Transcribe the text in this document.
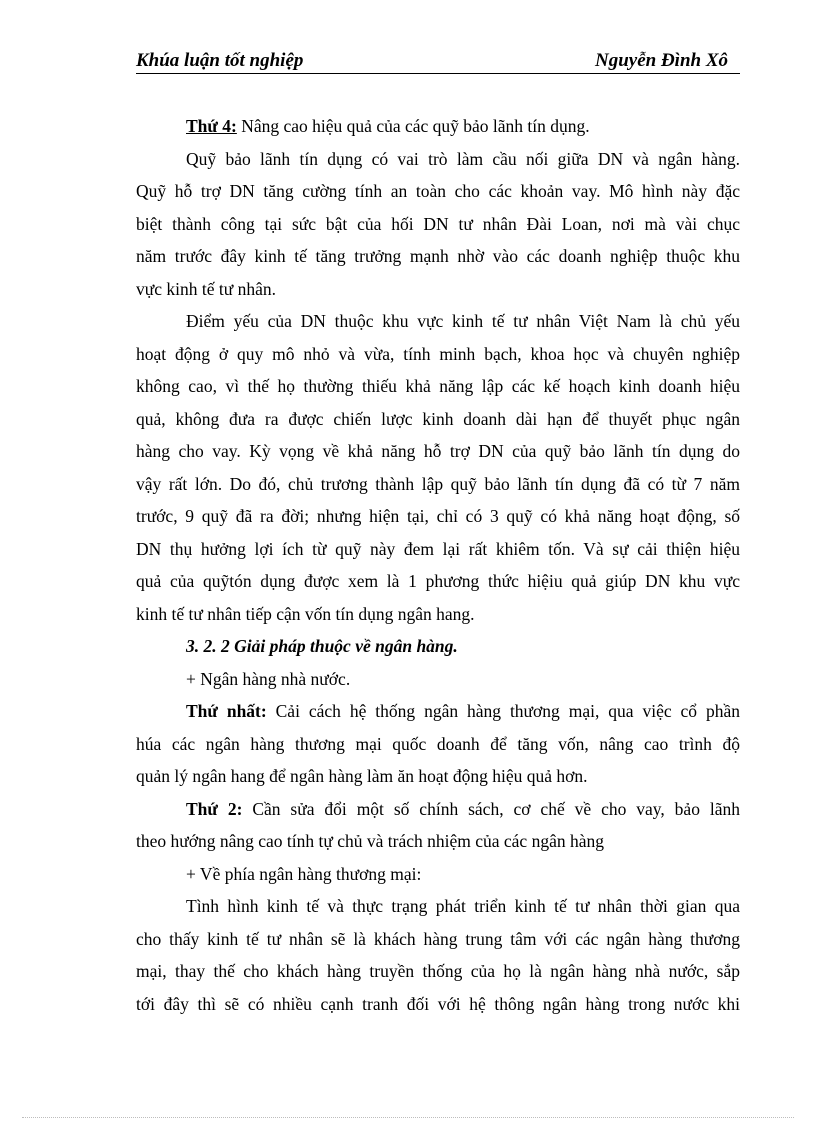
Khúa luận tốt nghiệp	Nguyễn Đình Xô
Thứ 4: Nâng cao hiệu quả của các quỹ bảo lãnh tín dụng.
Quỹ bảo lãnh tín dụng có vai trò làm cầu nối giữa DN và ngân hàng.
Quỹ hỗ trợ DN tăng cường tính an toàn cho các khoản vay. Mô hình này đặc
biệt thành công tại sức bật của hối DN tư nhân Đài Loan, nơi mà vài chục
năm trước đây kinh tế tăng trưởng mạnh nhờ vào các doanh nghiệp thuộc khu
vực kinh tế tư nhân.
Điểm yếu của DN thuộc khu vực kinh tế tư nhân Việt Nam là chủ yếu
hoạt động ở quy mô nhỏ và vừa, tính minh bạch, khoa học và chuyên nghiệp
không cao, vì thế họ thường thiếu khả năng lập các kế hoạch kinh doanh hiệu
quả, không đưa ra được chiến lược kinh doanh dài hạn để thuyết phục ngân
hàng cho vay. Kỳ vọng về khả năng hỗ trợ DN của quỹ bảo lãnh tín dụng do
vậy rất lớn. Do đó, chủ trương thành lập quỹ bảo lãnh tín dụng đã có từ 7 năm
trước, 9 quỹ đã ra đời; nhưng hiện tại, chỉ có 3 quỹ có khả năng hoạt động, số
DN thụ hưởng lợi ích từ quỹ này đem lại rất khiêm tốn. Và sự cải thiện hiệu
quả của quỹtón dụng được xem là 1 phương thức hiệiu quả giúp DN khu vực
kinh tế tư nhân tiếp cận vốn tín dụng ngân hang.
3. 2. 2 Giải pháp thuộc về ngân hàng.
+ Ngân hàng nhà nước.
Thứ nhất: Cải cách hệ thống ngân hàng thương mại, qua việc cổ phần
húa các ngân hàng thương mại quốc doanh để tăng vốn, nâng cao trình độ
quản lý ngân hang để ngân hàng làm ăn hoạt động hiệu quả hơn.
Thứ 2: Cần sửa đổi một số chính sách, cơ chế về cho vay, bảo lãnh
theo hướng nâng cao tính tự chủ và trách nhiệm của các ngân hàng
+ Về phía ngân hàng thương mại:
Tình hình kinh tế và thực trạng phát triển kinh tế tư nhân thời gian qua
cho thấy kinh tế tư nhân sẽ là khách hàng trung tâm với các ngân hàng thương
mại, thay thế cho khách hàng truyền thống của họ là ngân hàng nhà nước, sắp
tới đây thì sẽ có nhiều cạnh tranh đối với hệ thông ngân hàng trong nước khi
